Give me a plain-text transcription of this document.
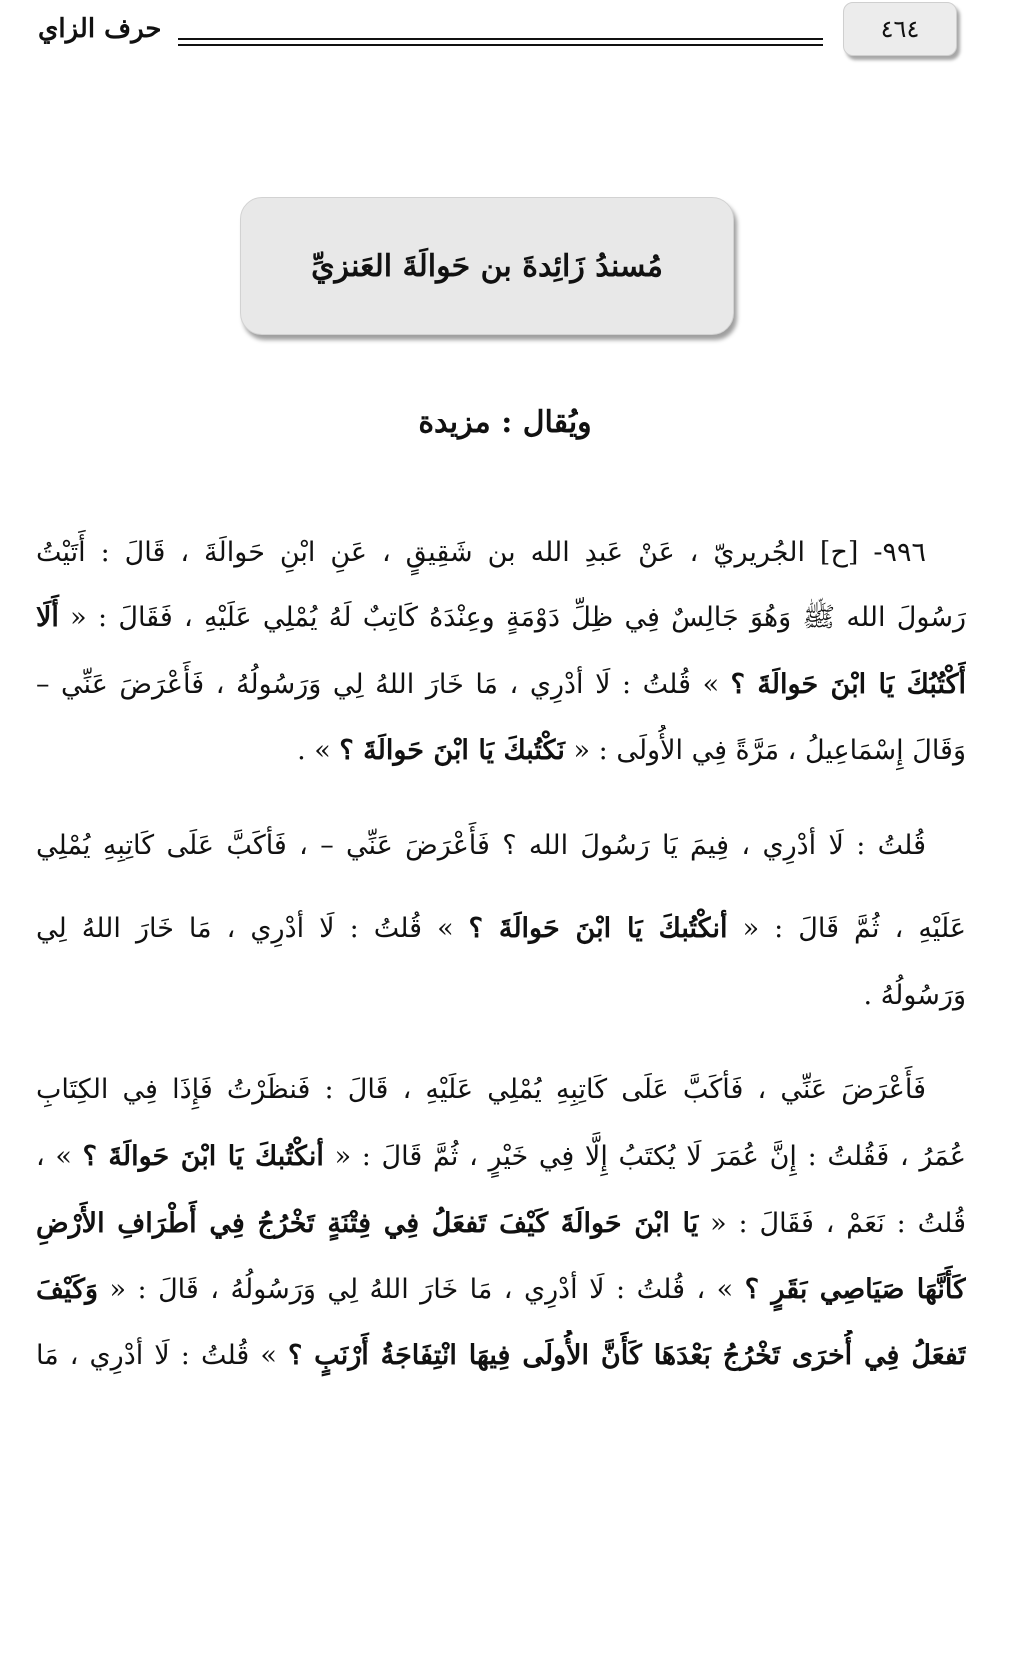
حرف الزاي	٤٦٤
مُسندُ زَائِدةَ بن حَوالَةَ العَنزيِّ
ويُقال : مزيدة
٩٩٦- [ح] الجُريريّ ، عَنْ عَبدِ الله بن شَقِيقٍ ، عَنِ ابْنِ حَوالَةَ ، قَالَ : أَتَيْتُ
رَسُولَ الله ﷺ وَهُوَ جَالِسٌ فِي ظِلِّ دَوْمَةٍ وعِنْدَهُ كَاتِبٌ لَهُ يُمْلِي عَلَيْهِ ، فَقَالَ : « أَلَا
أَكْتُبُكَ يَا ابْنَ حَوالَةَ ؟ » قُلتُ : لَا أدْرِي ، مَا خَارَ اللهُ لِي وَرَسُولُهُ ، فَأَعْرَضَ عَنِّي –
وَقَالَ إِسْمَاعِيلُ ، مَرَّةً فِي الأُولَى : « نَكْتُبكَ يَا ابْنَ حَوالَةَ ؟ » .
قُلتُ : لَا أدْرِي ، فِيمَ يَا رَسُولَ الله ؟ فَأَعْرَضَ عَنِّي – ، فَأكَبَّ عَلَى كَاتِبِهِ يُمْلِي
عَلَيْهِ ، ثُمَّ قَالَ : « أنكْتُبكَ يَا ابْنَ حَوالَةَ ؟ » قُلتُ : لَا أدْرِي ، مَا خَارَ اللهُ لِي
وَرَسُولُهُ .
فَأَعْرَضَ عَنِّي ، فَأكَبَّ عَلَى كَاتِبِهِ يُمْلِي عَلَيْهِ ، قَالَ : فَنظَرْتُ فَإِذَا فِي الكِتَابِ
عُمَرُ ، فَقُلتُ : إِنَّ عُمَرَ لَا يُكتَبُ إِلَّا فِي خَيْرٍ ، ثُمَّ قَالَ : « أنكْتُبكَ يَا ابْنَ حَوالَةَ ؟ » ،
قُلتُ : نَعَمْ ، فَقَالَ : « يَا ابْنَ حَوالَةَ كَيْفَ تَفعَلُ فِي فِتْنَةٍ تَخْرُجُ فِي أَطْرَافِ الأَرْضِ
كَأَنَّهَا صَيَاصِي بَقَرٍ ؟ » ، قُلتُ : لَا أدْرِي ، مَا خَارَ اللهُ لِي وَرَسُولُهُ ، قَالَ : « وَكَيْفَ
تَفعَلُ فِي أُخرَى تَخْرُجُ بَعْدَهَا كَأَنَّ الأُولَى فِيهَا انْتِفَاجَةُ أَرْنَبٍ ؟ » قُلتُ : لَا أدْرِي ، مَا
